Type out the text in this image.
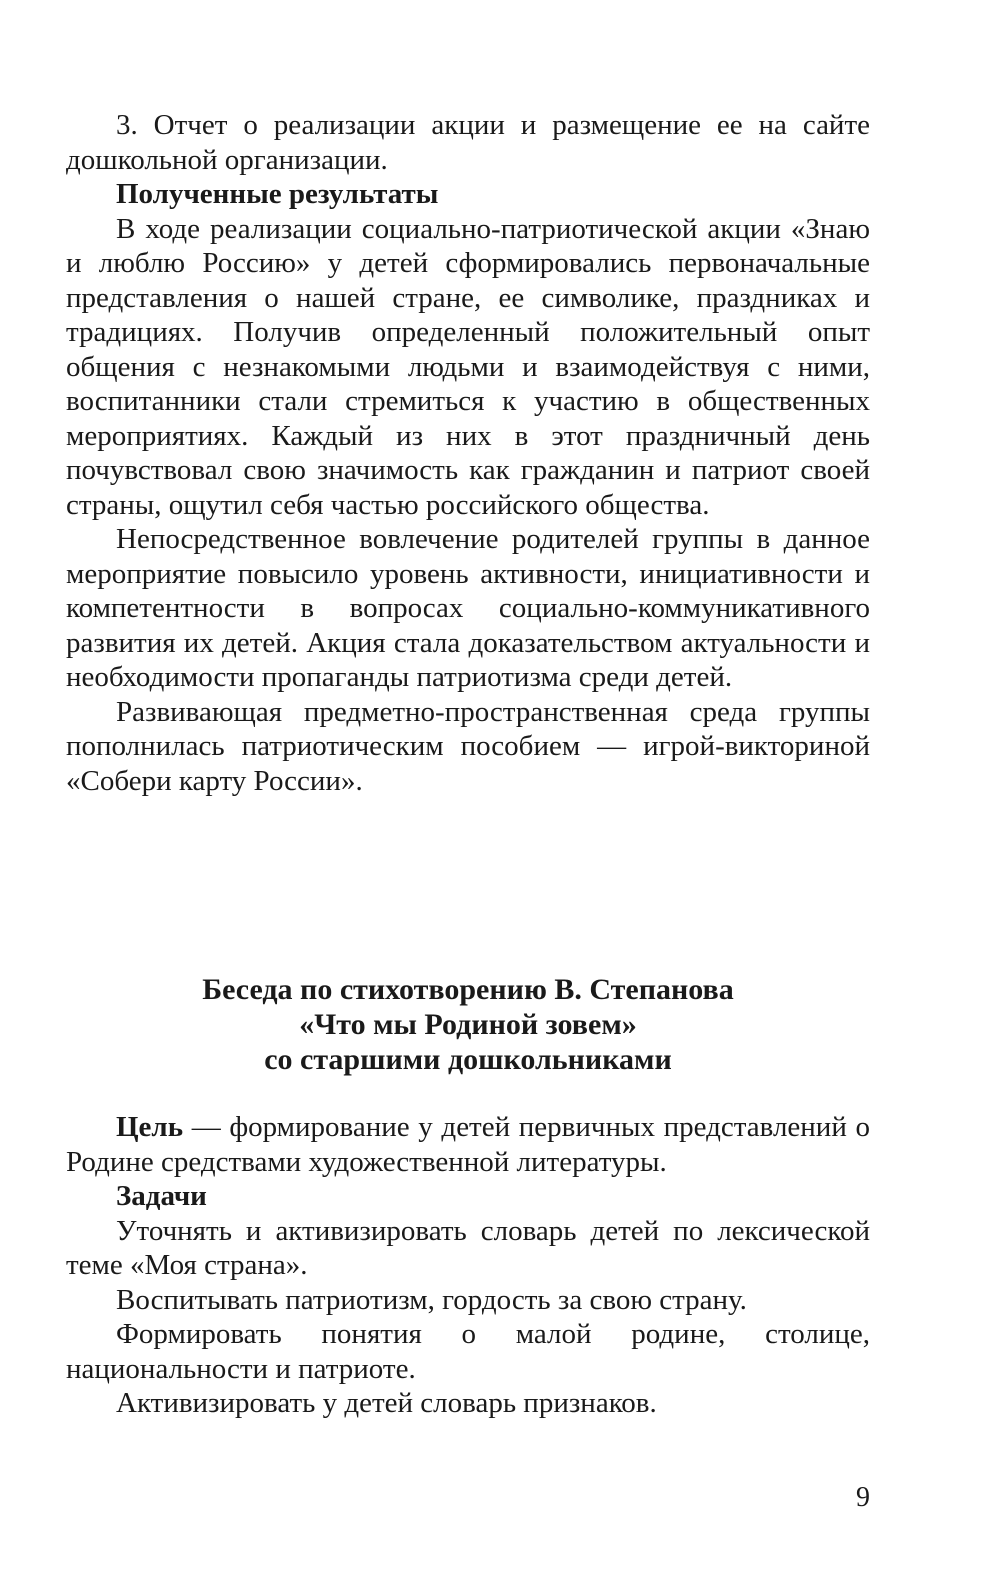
3. Отчет о реализации акции и размещение ее на сайте дошкольной организации.

Полученные результаты

В ходе реализации социально-патриотической акции «Знаю и люблю Россию» у детей сформировались первоначальные представления о нашей стране, ее символике, праздниках и традициях. Получив определенный положительный опыт общения с незнакомыми людьми и взаимодействуя с ними, воспитанники стали стремиться к участию в общественных мероприятиях. Каждый из них в этот праздничный день почувствовал свою значимость как гражданин и патриот своей страны, ощутил себя частью российского общества.

Непосредственное вовлечение родителей группы в данное мероприятие повысило уровень активности, инициативности и компетентности в вопросах социально-коммуникативного развития их детей. Акция стала доказательством актуальности и необходимости пропаганды патриотизма среди детей.

Развивающая предметно-пространственная среда группы пополнилась патриотическим пособием — игрой-викториной «Собери карту России».

Беседа по стихотворению В. Степанова
«Что мы Родиной зовем»
со старшими дошкольниками

Цель — формирование у детей первичных представлений о Родине средствами художественной литературы.

Задачи

Уточнять и активизировать словарь детей по лексической теме «Моя страна».

Воспитывать патриотизм, гордость за свою страну.

Формировать понятия о малой родине, столице, национальности и патриоте.

Активизировать у детей словарь признаков.

9
